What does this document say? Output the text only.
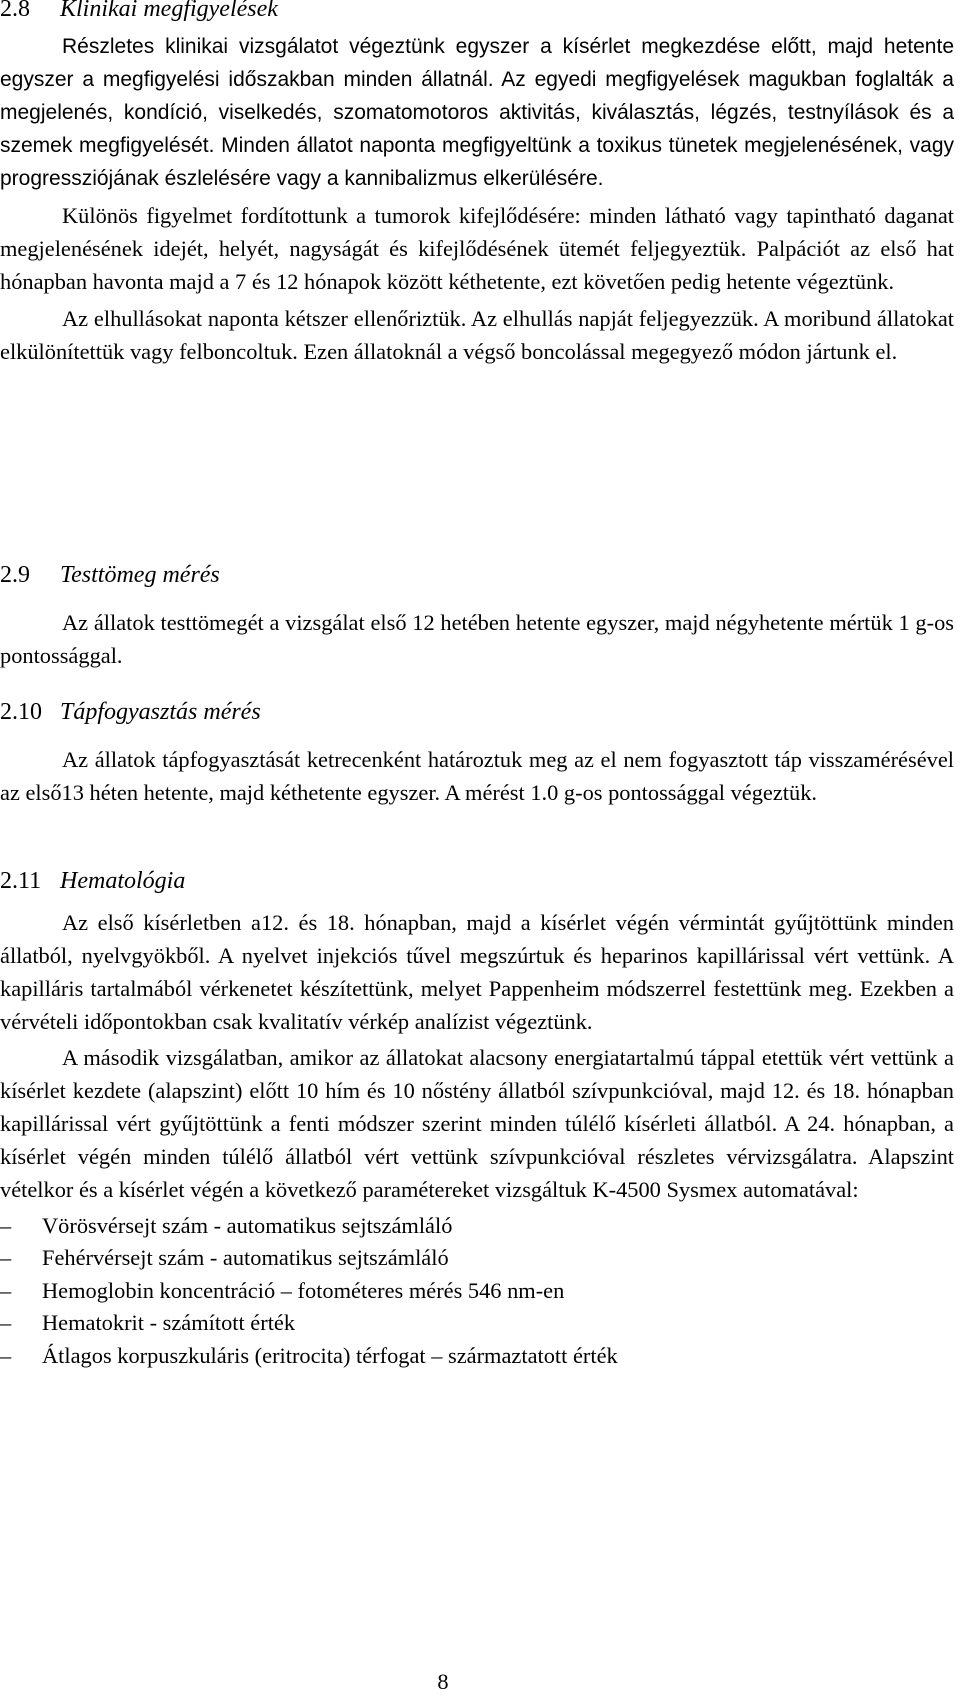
2.8 Klinikai megfigyelések

Részletes klinikai vizsgálatot végeztünk egyszer a kísérlet megkezdése előtt, majd hetente egyszer a megfigyelési időszakban minden állatnál. Az egyedi megfigyelések magukban foglalták a megjelenés, kondíció, viselkedés, szomatomotoros aktivitás, kiválasztás, légzés, testnyílások és a szemek megfigyelését. Minden állatot naponta megfigyeltünk a toxikus tünetek megjelenésének, vagy progressziójának észlelésére vagy a kannibalizmus elkerülésére.

Különös figyelmet fordítottunk a tumorok kifejlődésére: minden látható vagy tapintható daganat megjelenésének idejét, helyét, nagyságát és kifejlődésének ütemét feljegyeztük. Palpációt az első hat hónapban havonta majd a 7 és 12 hónapok között kéthetente, ezt követően pedig hetente végeztünk.

Az elhullásokat naponta kétszer ellenőriztük. Az elhullás napját feljegyezzük. A moribund állatokat elkülönítettük vagy felboncoltuk. Ezen állatoknál a végső boncolással megegyező módon jártunk el.

2.9 Testtömeg mérés

Az állatok testtömegét a vizsgálat első 12 hetében hetente egyszer, majd négyhetente mértük 1 g-os pontossággal.

2.10 Tápfogyasztás mérés

Az állatok tápfogyasztását ketrecenként határoztuk meg az el nem fogyasztott táp visszamérésével az első13 héten hetente, majd kéthetente egyszer. A mérést 1.0 g-os pontossággal végeztük.

2.11 Hematológia

Az első kísérletben a12. és 18. hónapban, majd a kísérlet végén vérmintát gyűjtöttünk minden állatból, nyelvgyökből. A nyelvet injekciós tűvel megszúrtuk és heparinos kapillárissal vért vettünk. A kapilláris tartalmából vérkenetet készítettünk, melyet Pappenheim módszerrel festettünk meg. Ezekben a vérvételi időpontokban csak kvalitatív vérkép analízist végeztünk.

A második vizsgálatban, amikor az állatokat alacsony energiatartalmú táppal etettük vért vettünk a kísérlet kezdete (alapszint) előtt 10 hím és 10 nőstény állatból szívpunkcióval, majd 12. és 18. hónapban kapillárissal vért gyűjtöttünk a fenti módszer szerint minden túlélő kísérleti állatból. A 24. hónapban, a kísérlet végén minden túlélő állatból vért vettünk szívpunkcióval részletes vérvizsgálatra. Alapszint vételkor és a kísérlet végén a következő paramétereket vizsgáltuk K-4500 Sysmex automatával:

–	Vörösvérsejt szám - automatikus sejtszámláló
–	Fehérvérsejt szám - automatikus sejtszámláló
–	Hemoglobin koncentráció – fotométeres mérés 546 nm-en
–	Hematokrit - számított érték
–	Átlagos korpuszkuláris (eritrocita) térfogat – származtatott érték
8
